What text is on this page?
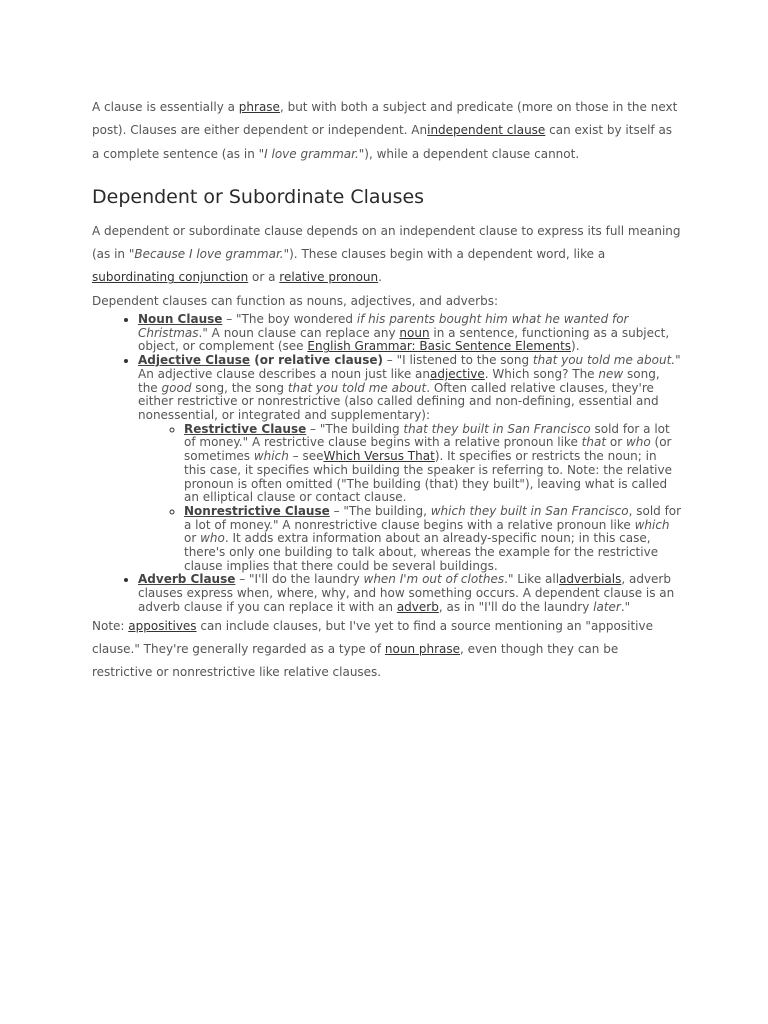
A clause is essentially a phrase, but with both a subject and predicate (more on those in the next post). Clauses are either dependent or independent. Anindependent clause can exist by itself as a complete sentence (as in "I love grammar."), while a dependent clause cannot.

Dependent or Subordinate Clauses

A dependent or subordinate clause depends on an independent clause to express its full meaning (as in "Because I love grammar."). These clauses begin with a dependent word, like a subordinating conjunction or a relative pronoun.

Dependent clauses can function as nouns, adjectives, and adverbs:

• Noun Clause – "The boy wondered if his parents bought him what he wanted for Christmas." A noun clause can replace any noun in a sentence, functioning as a subject, object, or complement (see English Grammar: Basic Sentence Elements).
• Adjective Clause (or relative clause) – "I listened to the song that you told me about." An adjective clause describes a noun just like anadjective. Which song? The new song, the good song, the song that you told me about. Often called relative clauses, they're either restrictive or nonrestrictive (also called defining and non-defining, essential and nonessential, or integrated and supplementary):
◦ Restrictive Clause – "The building that they built in San Francisco sold for a lot of money." A restrictive clause begins with a relative pronoun like that or who (or sometimes which – seeWhich Versus That). It specifies or restricts the noun; in this case, it specifies which building the speaker is referring to. Note: the relative pronoun is often omitted ("The building (that) they built"), leaving what is called an elliptical clause or contact clause.
◦ Nonrestrictive Clause – "The building, which they built in San Francisco, sold for a lot of money." A nonrestrictive clause begins with a relative pronoun like which or who. It adds extra information about an already-specific noun; in this case, there's only one building to talk about, whereas the example for the restrictive clause implies that there could be several buildings.
• Adverb Clause – "I'll do the laundry when I'm out of clothes." Like alladverbials, adverb clauses express when, where, why, and how something occurs. A dependent clause is an adverb clause if you can replace it with an adverb, as in "I'll do the laundry later."

Note: appositives can include clauses, but I've yet to find a source mentioning an "appositive clause." They're generally regarded as a type of noun phrase, even though they can be restrictive or nonrestrictive like relative clauses.
